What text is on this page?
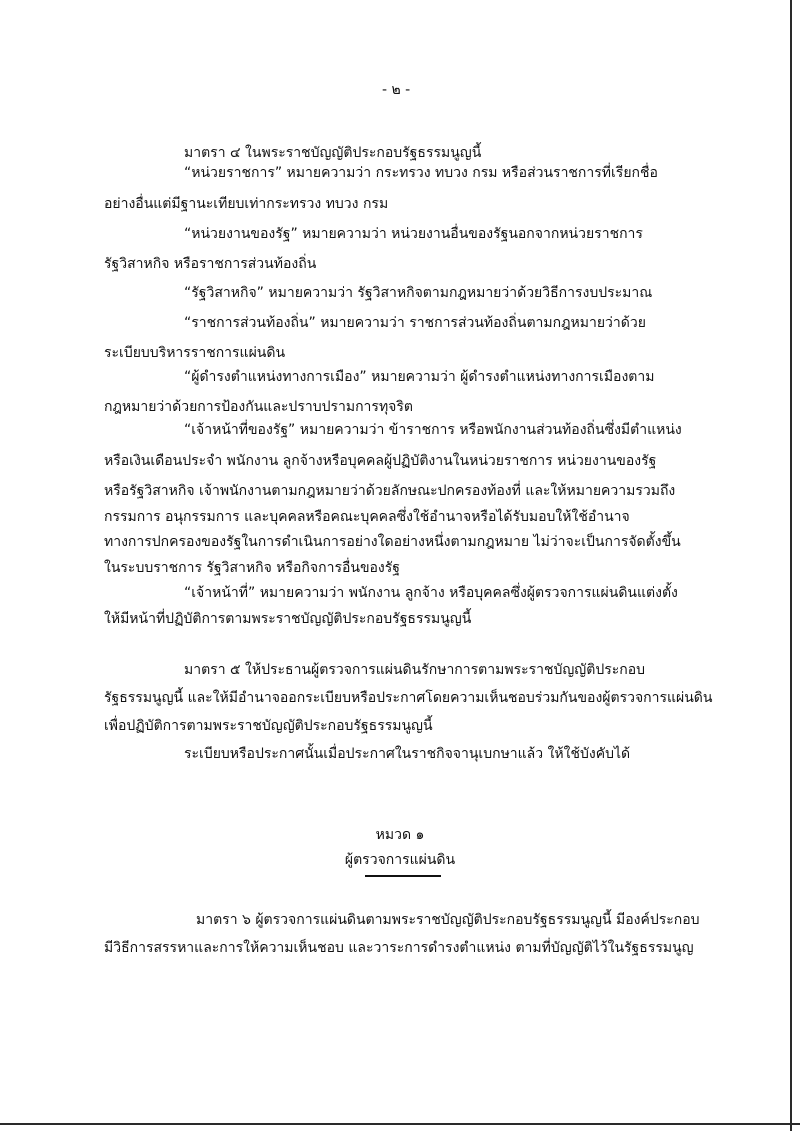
- ๒ -

มาตรา ๔ ในพระราชบัญญัติประกอบรัฐธรรมนูญนี้

“หน่วยราชการ” หมายความว่า กระทรวง ทบวง กรม หรือส่วนราชการที่เรียกชื่อ

อย่างอื่นแต่มีฐานะเทียบเท่ากระทรวง ทบวง กรม

“หน่วยงานของรัฐ” หมายความว่า หน่วยงานอื่นของรัฐนอกจากหน่วยราชการ

รัฐวิสาหกิจ หรือราชการส่วนท้องถิ่น

“รัฐวิสาหกิจ” หมายความว่า รัฐวิสาหกิจตามกฎหมายว่าด้วยวิธีการงบประมาณ

“ราชการส่วนท้องถิ่น” หมายความว่า ราชการส่วนท้องถิ่นตามกฎหมายว่าด้วย

ระเบียบบริหารราชการแผ่นดิน

“ผู้ดำรงตำแหน่งทางการเมือง” หมายความว่า ผู้ดำรงตำแหน่งทางการเมืองตาม

กฎหมายว่าด้วยการป้องกันและปราบปรามการทุจริต

“เจ้าหน้าที่ของรัฐ” หมายความว่า ข้าราชการ หรือพนักงานส่วนท้องถิ่นซึ่งมีตำแหน่ง

หรือเงินเดือนประจำ พนักงาน ลูกจ้างหรือบุคคลผู้ปฏิบัติงานในหน่วยราชการ หน่วยงานของรัฐ

หรือรัฐวิสาหกิจ เจ้าพนักงานตามกฎหมายว่าด้วยลักษณะปกครองท้องที่ และให้หมายความรวมถึง

กรรมการ อนุกรรมการ และบุคคลหรือคณะบุคคลซึ่งใช้อำนาจหรือได้รับมอบให้ใช้อำนาจ

ทางการปกครองของรัฐในการดำเนินการอย่างใดอย่างหนึ่งตามกฎหมาย ไม่ว่าจะเป็นการจัดตั้งขึ้น

ในระบบราชการ รัฐวิสาหกิจ หรือกิจการอื่นของรัฐ

“เจ้าหน้าที่” หมายความว่า พนักงาน ลูกจ้าง หรือบุคคลซึ่งผู้ตรวจการแผ่นดินแต่งตั้ง

ให้มีหน้าที่ปฏิบัติการตามพระราชบัญญัติประกอบรัฐธรรมนูญนี้

มาตรา ๕ ให้ประธานผู้ตรวจการแผ่นดินรักษาการตามพระราชบัญญัติประกอบ

รัฐธรรมนูญนี้ และให้มีอำนาจออกระเบียบหรือประกาศโดยความเห็นชอบร่วมกันของผู้ตรวจการแผ่นดิน

เพื่อปฏิบัติการตามพระราชบัญญัติประกอบรัฐธรรมนูญนี้

ระเบียบหรือประกาศนั้นเมื่อประกาศในราชกิจจานุเบกษาแล้ว ให้ใช้บังคับได้

หมวด ๑

ผู้ตรวจการแผ่นดิน

มาตรา ๖ ผู้ตรวจการแผ่นดินตามพระราชบัญญัติประกอบรัฐธรรมนูญนี้ มีองค์ประกอบ

มีวิธีการสรรหาและการให้ความเห็นชอบ และวาระการดำรงตำแหน่ง ตามที่บัญญัติไว้ในรัฐธรรมนูญ
